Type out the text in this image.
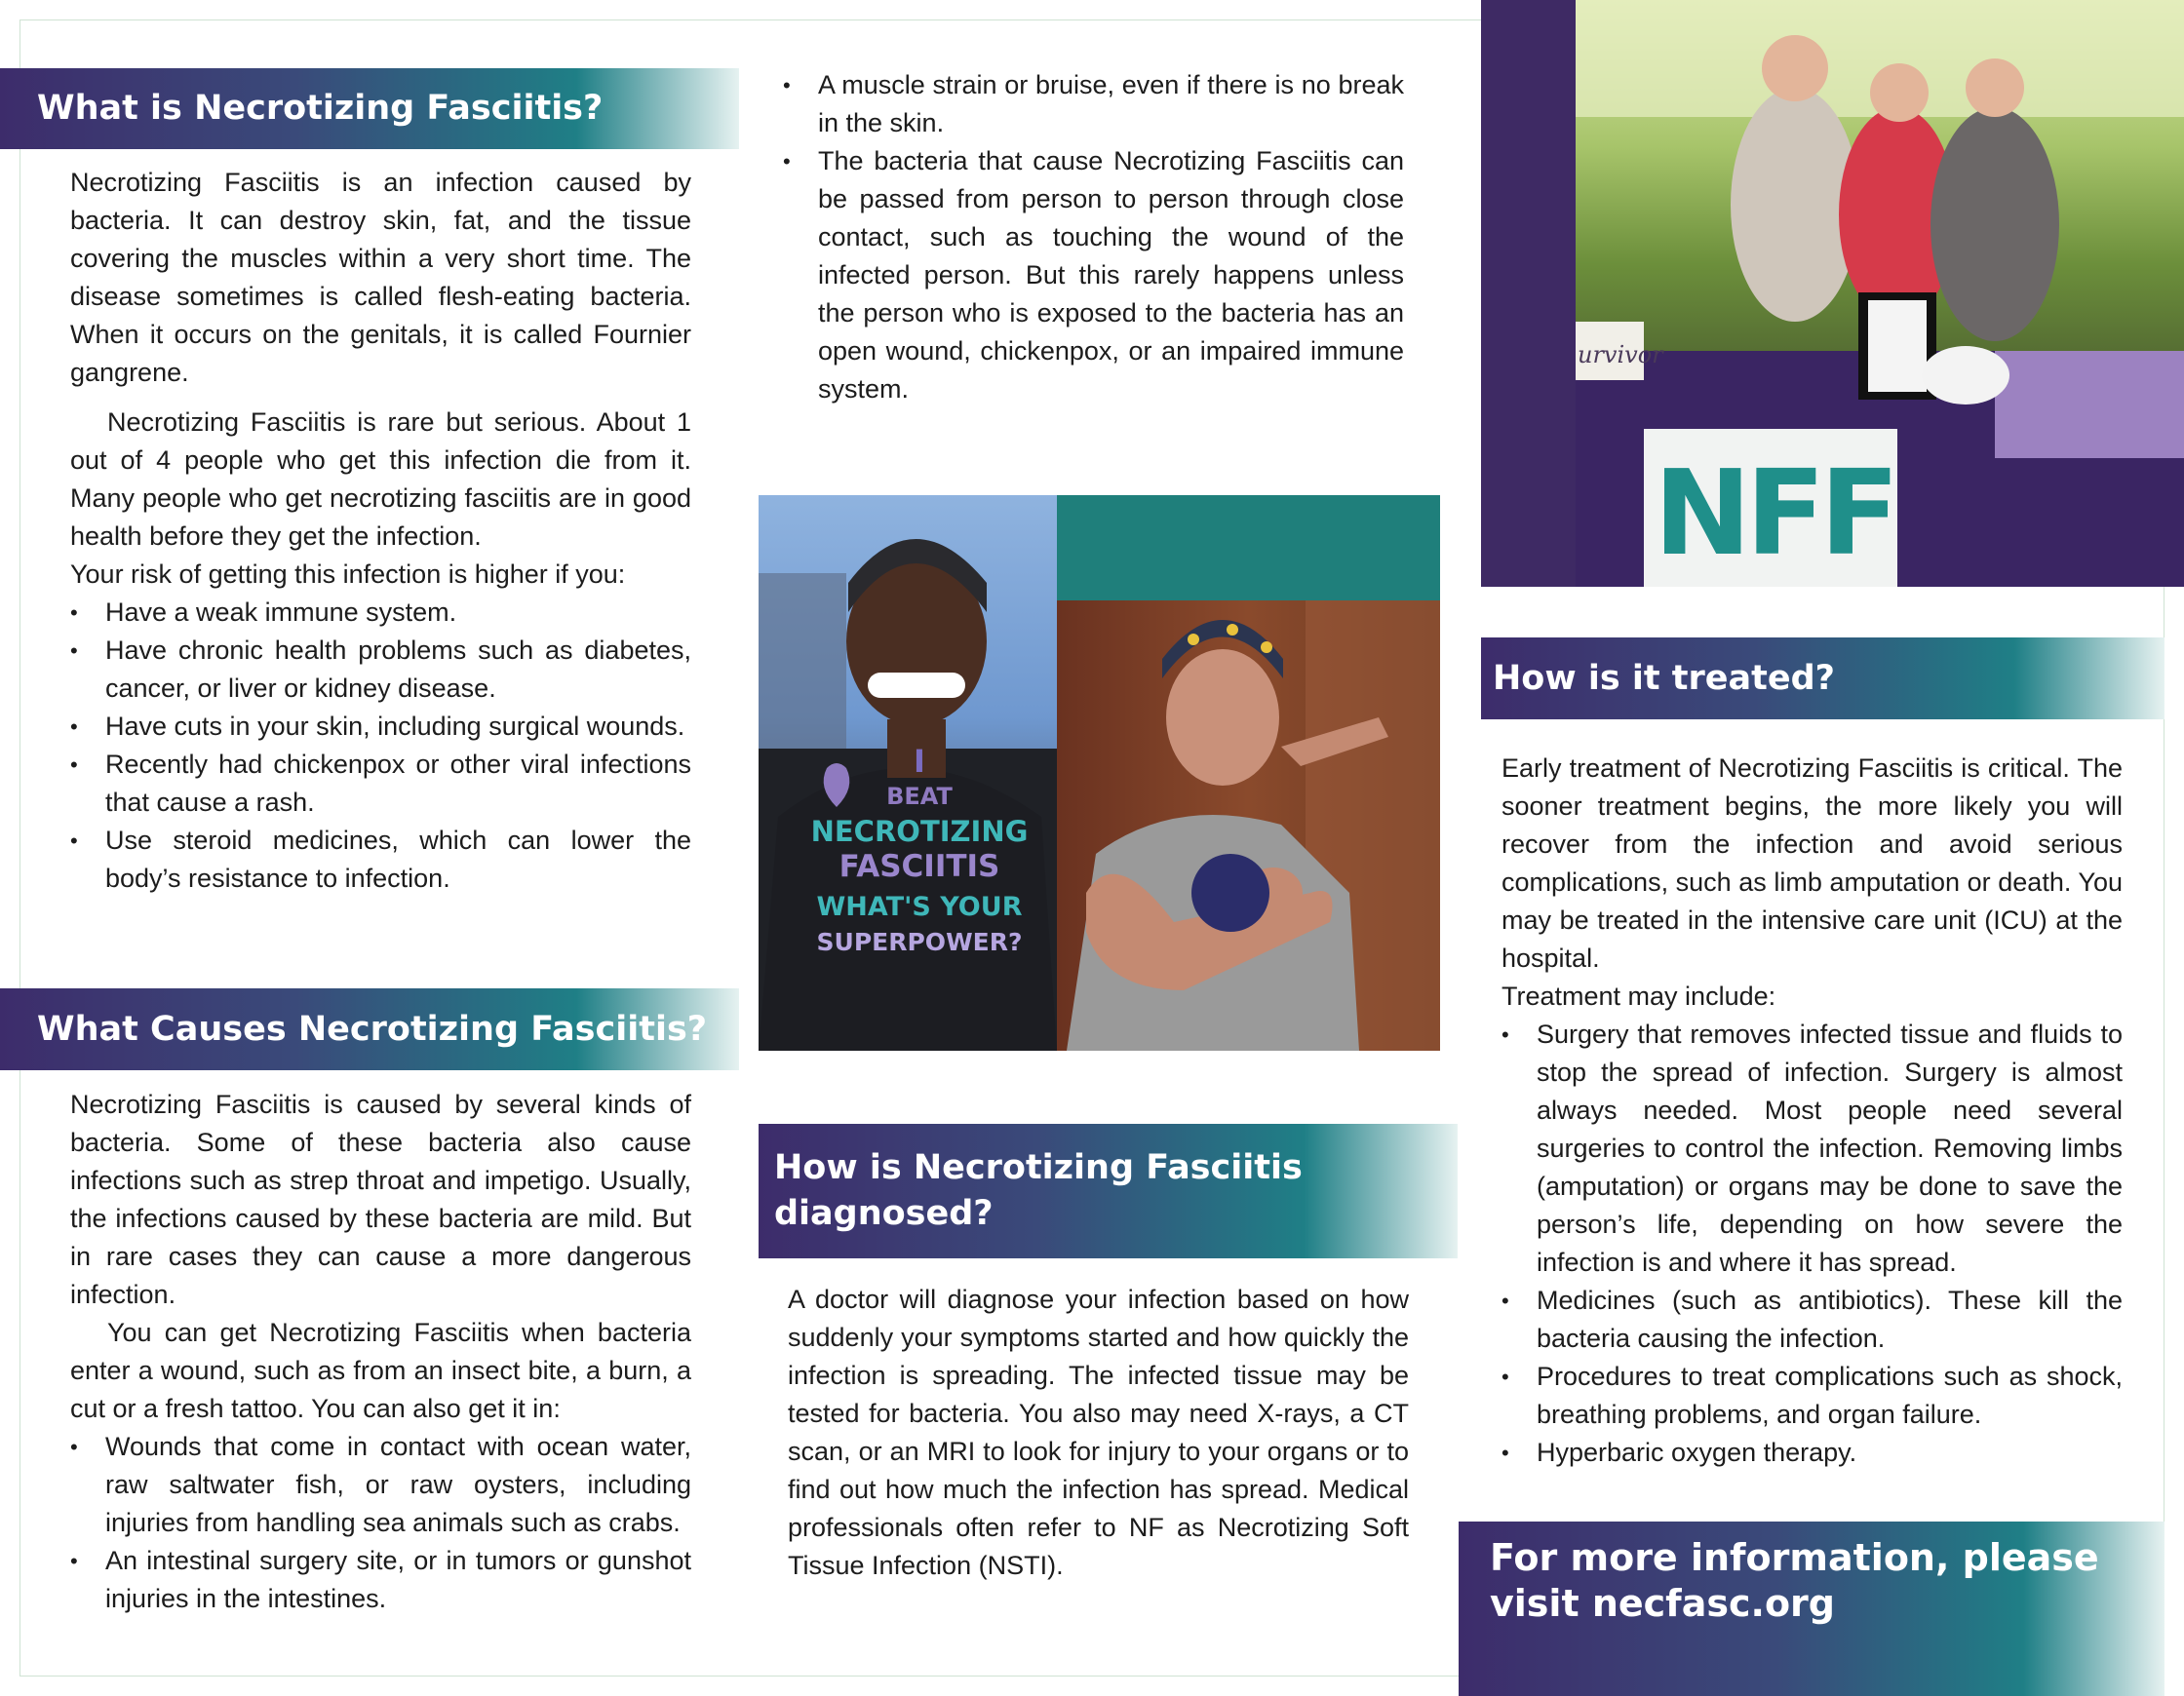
What is Necrotizing Fasciitis?

Necrotizing Fasciitis is an infection caused by bacteria. It can destroy skin, fat, and the tissue covering the muscles within a very short time. The disease sometimes is called flesh-eating bacteria. When it occurs on the genitals, it is called Fournier gangrene.

Necrotizing Fasciitis is rare but serious. About 1 out of 4 people who get this infection die from it. Many people who get necrotizing fasciitis are in good health before they get the infection.

Your risk of getting this infection is higher if you:

• Have a weak immune system.
• Have chronic health problems such as diabetes, cancer, or liver or kidney disease.
• Have cuts in your skin, including surgical wounds.
• Recently had chickenpox or other viral infections that cause a rash.
• Use steroid medicines, which can lower the body’s resistance to infection.
What Causes Necrotizing Fasciitis?

Necrotizing Fasciitis is caused by several kinds of bacteria. Some of these bacteria also cause infections such as strep throat and impetigo. Usually, the infections caused by these bacteria are mild. But in rare cases they can cause a more dangerous infection.

You can get Necrotizing Fasciitis when bacteria enter a wound, such as from an insect bite, a burn, a cut or a fresh tattoo. You can also get it in:

• Wounds that come in contact with ocean water, raw saltwater fish, or raw oysters, including injuries from handling sea animals such as crabs.
• An intestinal surgery site, or in tumors or gunshot injuries in the intestines.
• A muscle strain or bruise, even if there is no break in the skin.
• The bacteria that cause Necrotizing Fasciitis can be passed from person to person through close contact, such as touching the wound of the infected person. But this rarely happens unless the person who is exposed to the bacteria has an open wound, chickenpox, or an impaired immune system.
I
BEAT
NECROTIZING
FASCIITIS
WHAT'S YOUR
SUPERPOWER?
How is Necrotizing Fasciitis
diagnosed?

A doctor will diagnose your infection based on how suddenly your symptoms started and how quickly the infection is spreading. The infected tissue may be tested for bacteria. You also may need X-rays, a CT scan, or an MRI to look for injury to your organs or to find out how much the infection has spread. Medical professionals often refer to NF as Necrotizing Soft Tissue Infection (NSTI).

NFF
urvivor
How is it treated?

Early treatment of Necrotizing Fasciitis is critical. The sooner treatment begins, the more likely you will recover from the infection and avoid serious complications, such as limb amputation or death. You may be treated in the intensive care unit (ICU) at the hospital.

Treatment may include:

• Surgery that removes infected tissue and fluids to stop the spread of infection. Surgery is almost always needed. Most people need several surgeries to control the infection. Removing limbs (amputation) or organs may be done to save the person’s life, depending on how severe the infection is and where it has spread.
• Medicines (such as antibiotics). These kill the bacteria causing the infection.
• Procedures to treat complications such as shock, breathing problems, and organ failure.
• Hyperbaric oxygen therapy.
For more information, please
visit necfasc.org
